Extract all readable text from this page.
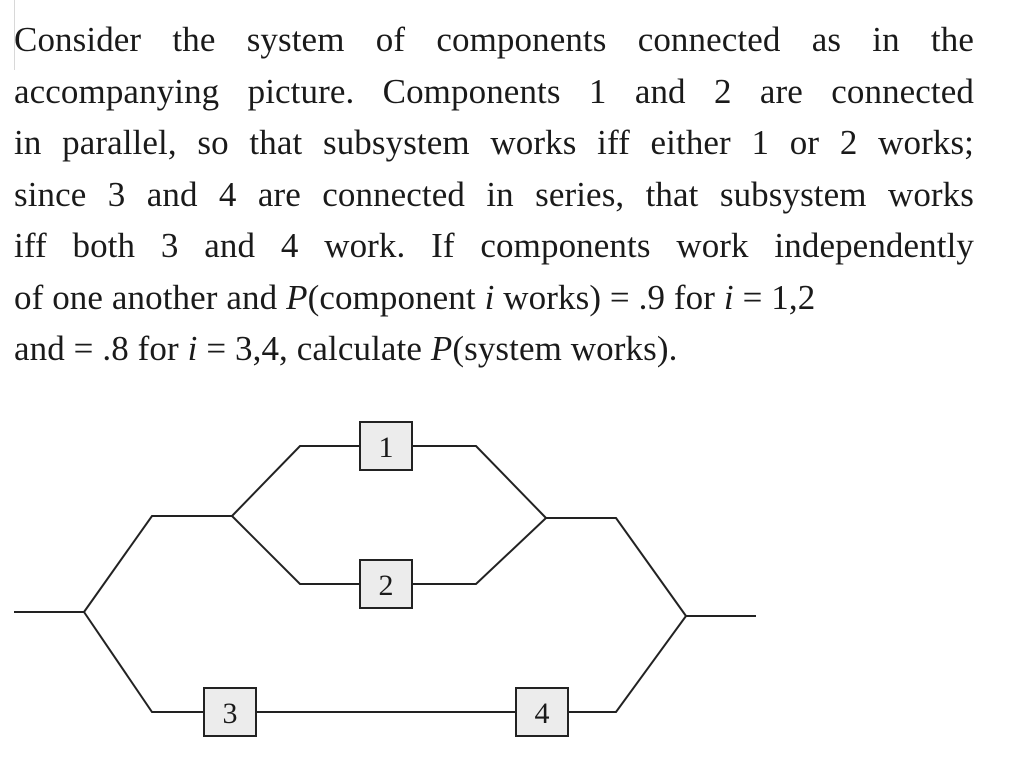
Consider the system of components connected as in the
accompanying picture. Components 1 and 2 are connected
in parallel, so that subsystem works iff either 1 or 2 works;
since 3 and 4 are connected in series, that subsystem works
iff both 3 and 4 work. If components work independently
of one another and P(component i works) = .9 for i = 1,2
and = .8 for i = 3,4, calculate P(system works).
1
2
3	4
